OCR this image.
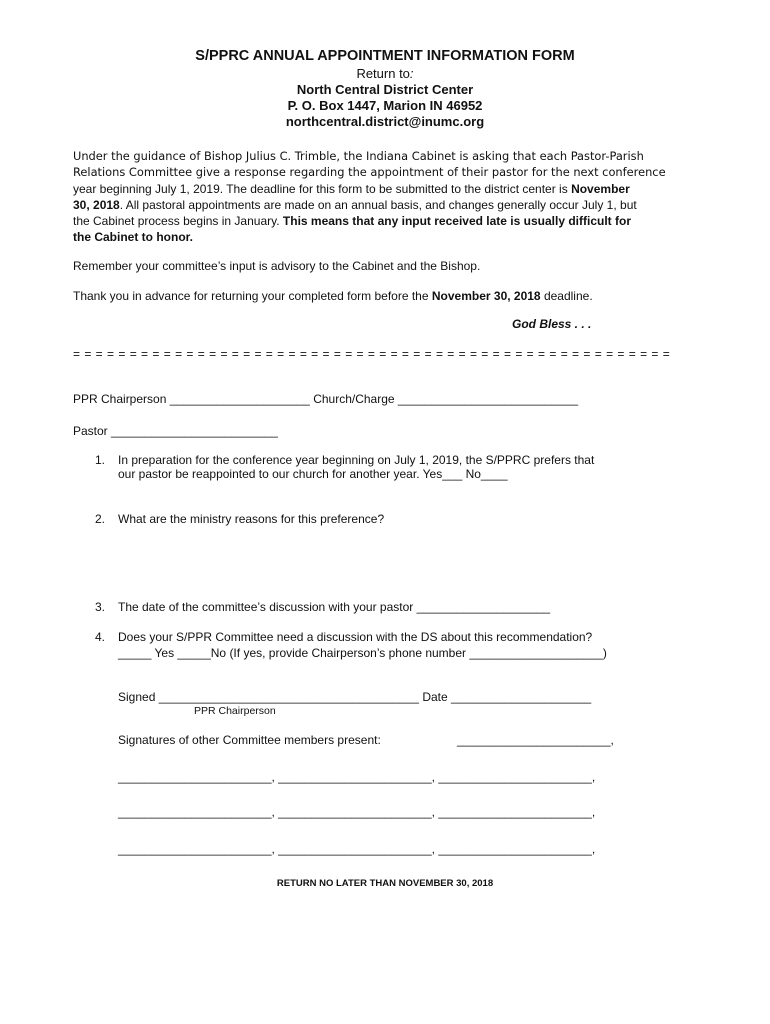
S/PPRC ANNUAL APPOINTMENT INFORMATION FORM
Return to:
North Central District Center
P. O. Box 1447, Marion IN 46952
northcentral.district@inumc.org
Under the guidance of Bishop Julius C. Trimble, the Indiana Cabinet is asking that each Pastor-Parish
Relations Committee give a response regarding the appointment of their pastor for the next conference
year beginning July 1, 2019. The deadline for this form to be submitted to the district center is November
30, 2018. All pastoral appointments are made on an annual basis, and changes generally occur July 1, but
the Cabinet process begins in January. This means that any input received late is usually difficult for
the Cabinet to honor.
Remember your committee’s input is advisory to the Cabinet and the Bishop.
Thank you in advance for returning your completed form before the November 30, 2018 deadline.
God Bless . . .
= = = = = = = = = = = = = = = = = = = = = = = = = = = = = = = = = = = = = = = = = = = = = = = = = = = = =
PPR Chairperson _____________________ Church/Charge ___________________________
Pastor _________________________
1. In preparation for the conference year beginning on July 1, 2019, the S/PPRC prefers that
our pastor be reappointed to our church for another year. Yes___ No____
2. What are the ministry reasons for this preference?
3. The date of the committee’s discussion with your pastor ____________________
4. Does your S/PPR Committee need a discussion with the DS about this recommendation?
_____ Yes _____No (If yes, provide Chairperson’s phone number ____________________)
Signed _______________________________________ Date _____________________
PPR Chairperson
Signatures of other Committee members present:	_______________________,
_______________________, _______________________, _______________________,
_______________________, _______________________, _______________________,
_______________________, _______________________, _______________________,
RETURN NO LATER THAN NOVEMBER 30, 2018
